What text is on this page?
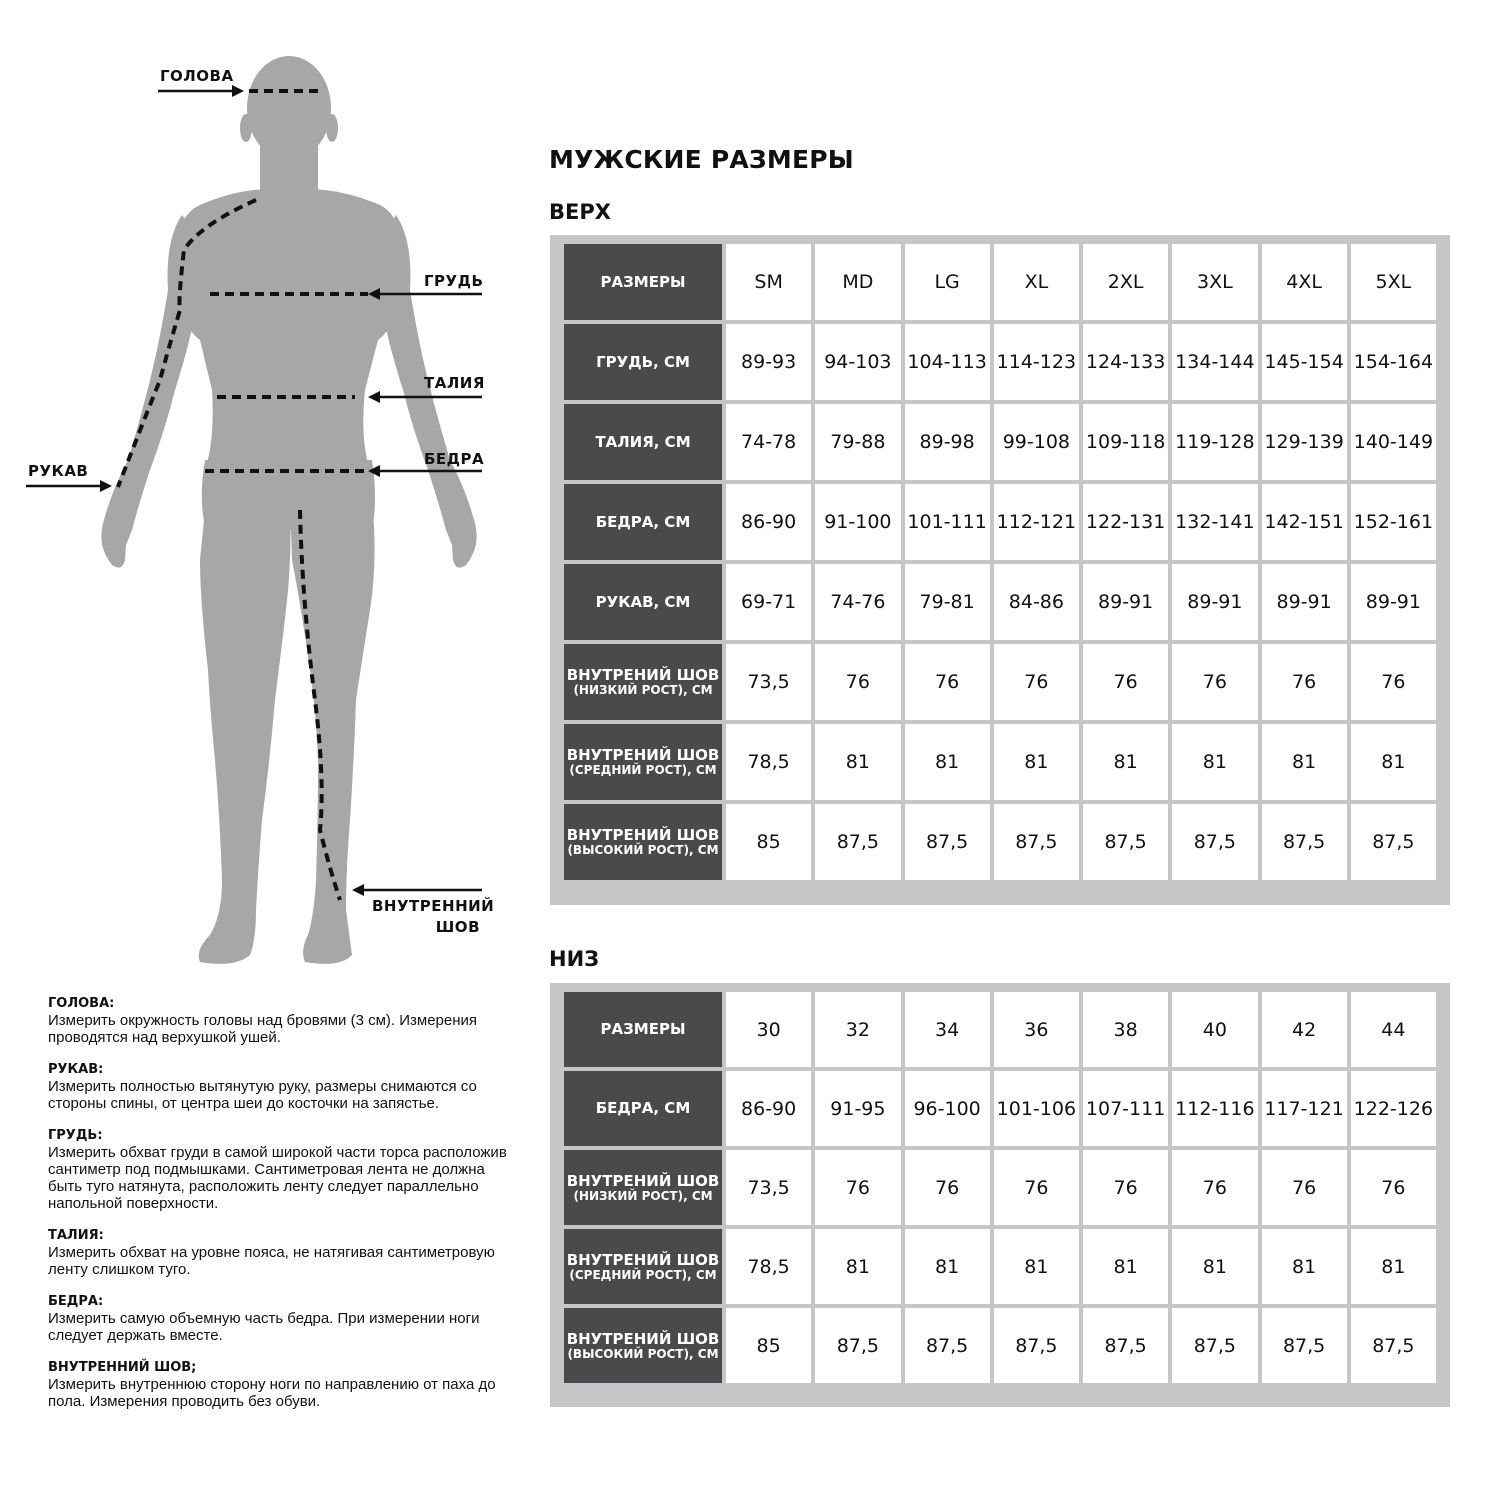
ГОЛОВА
ГРУДЬ
ТАЛИЯ
РУКАВ
БЕДРА
ВНУТРЕННИЙ
ШОВ
ГОЛОВА:
Измерить окружность головы над бровями (3 см). Измерения проводятся над верхушкой ушей.
РУКАВ:
Измерить полностью вытянутую руку, размеры снимаются со стороны спины, от центра шеи до косточки на запястье.
ГРУДЬ:
Измерить обхват груди в самой широкой части торса расположив сантиметр под подмышками. Сантиметровая лента не должна быть туго натянута, расположить ленту следует параллельно напольной поверхности.
ТАЛИЯ:
Измерить обхват на уровне пояса, не натягивая сантиметровую ленту слишком туго.
БЕДРА:
Измерить самую объемную часть бедра. При измерении ноги следует держать вместе.
ВНУТРЕННИЙ ШОВ;
Измерить внутреннюю сторону ноги по направлению от паха до пола. Измерения проводить без обуви.
МУЖСКИЕ РАЗМЕРЫ
ВЕРХ
НИЗ
РАЗМЕРЫ	SM	MD	LG	XL	2XL	3XL	4XL	5XL
ГРУДЬ, СМ	89-93	94-103	104-113	114-123	124-133	134-144	145-154	154-164
ТАЛИЯ, СМ	74-78	79-88	89-98	99-108	109-118	119-128	129-139	140-149
БЕДРА, СМ	86-90	91-100	101-111	112-121	122-131	132-141	142-151	152-161
РУКАВ, СМ	69-71	74-76	79-81	84-86	89-91	89-91	89-91	89-91
ВНУТРЕНИЙ ШОВ
(НИЗКИЙ РОСТ), СМ	73,5	76	76	76	76	76	76	76
ВНУТРЕНИЙ ШОВ
(СРЕДНИЙ РОСТ), СМ	78,5	81	81	81	81	81	81	81
ВНУТРЕНИЙ ШОВ
(ВЫСОКИЙ РОСТ), СМ	85	87,5	87,5	87,5	87,5	87,5	87,5	87,5
РАЗМЕРЫ	30	32	34	36	38	40	42	44
БЕДРА, СМ	86-90	91-95	96-100	101-106	107-111	112-116	117-121	122-126
ВНУТРЕНИЙ ШОВ
(НИЗКИЙ РОСТ), СМ	73,5	76	76	76	76	76	76	76
ВНУТРЕНИЙ ШОВ
(СРЕДНИЙ РОСТ), СМ	78,5	81	81	81	81	81	81	81
ВНУТРЕНИЙ ШОВ
(ВЫСОКИЙ РОСТ), СМ	85	87,5	87,5	87,5	87,5	87,5	87,5	87,5
